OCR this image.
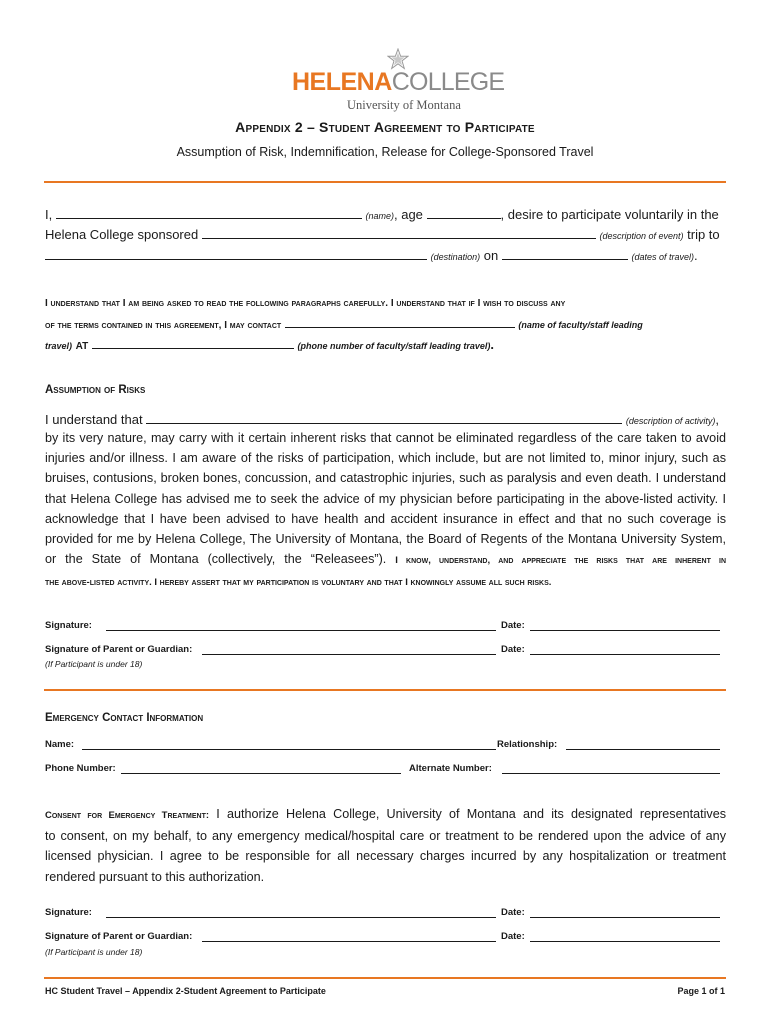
HELENACOLLEGE
University of Montana
Appendix 2 – Student Agreement to Participate
Assumption of Risk, Indemnification, Release for College-Sponsored Travel
I,	(name), age	, desire to participate voluntarily in the
Helena College sponsored	(description of event) trip to
(destination) on	(dates of travel).
I understand that I am being asked to read the following paragraphs carefully. I understand that if I wish to discuss any
of the terms contained in this agreement, I may contact	(name of faculty/staff leading
travel) AT	(phone number of faculty/staff leading travel).
Assumption of Risks
I understand that	(description of activity),
by its very nature, may carry with it certain inherent risks that cannot be eliminated regardless of the care taken to avoid
injuries and/or illness. I am aware of the risks of participation, which include, but are not limited to, minor injury, such as
bruises, contusions, broken bones, concussion, and catastrophic injuries, such as paralysis and even death. I understand
that Helena College has advised me to seek the advice of my physician before participating in the above-listed activity. I
acknowledge that I have been advised to have health and accident insurance in effect and that no such coverage is
provided for me by Helena College, The University of Montana, the Board of Regents of the Montana University System,
or the State of Montana (collectively, the “Releasees”). I know, understand, and appreciate the risks that are inherent in
the above-listed activity. I hereby assert that my participation is voluntary and that I knowingly assume all such risks.
Signature:	Date:
Signature of Parent or Guardian:	Date:
(If Participant is under 18)
Emergency Contact Information
Name:	Relationship:
Phone Number:	Alternate Number:
Consent for Emergency Treatment: I authorize Helena College, University of Montana and its designated representatives
to consent, on my behalf, to any emergency medical/hospital care or treatment to be rendered upon the advice of any
licensed physician. I agree to be responsible for all necessary charges incurred by any hospitalization or treatment
rendered pursuant to this authorization.
Signature:	Date:
Signature of Parent or Guardian:	Date:
(If Participant is under 18)
HC Student Travel – Appendix 2-Student Agreement to Participate	Page 1 of 1
